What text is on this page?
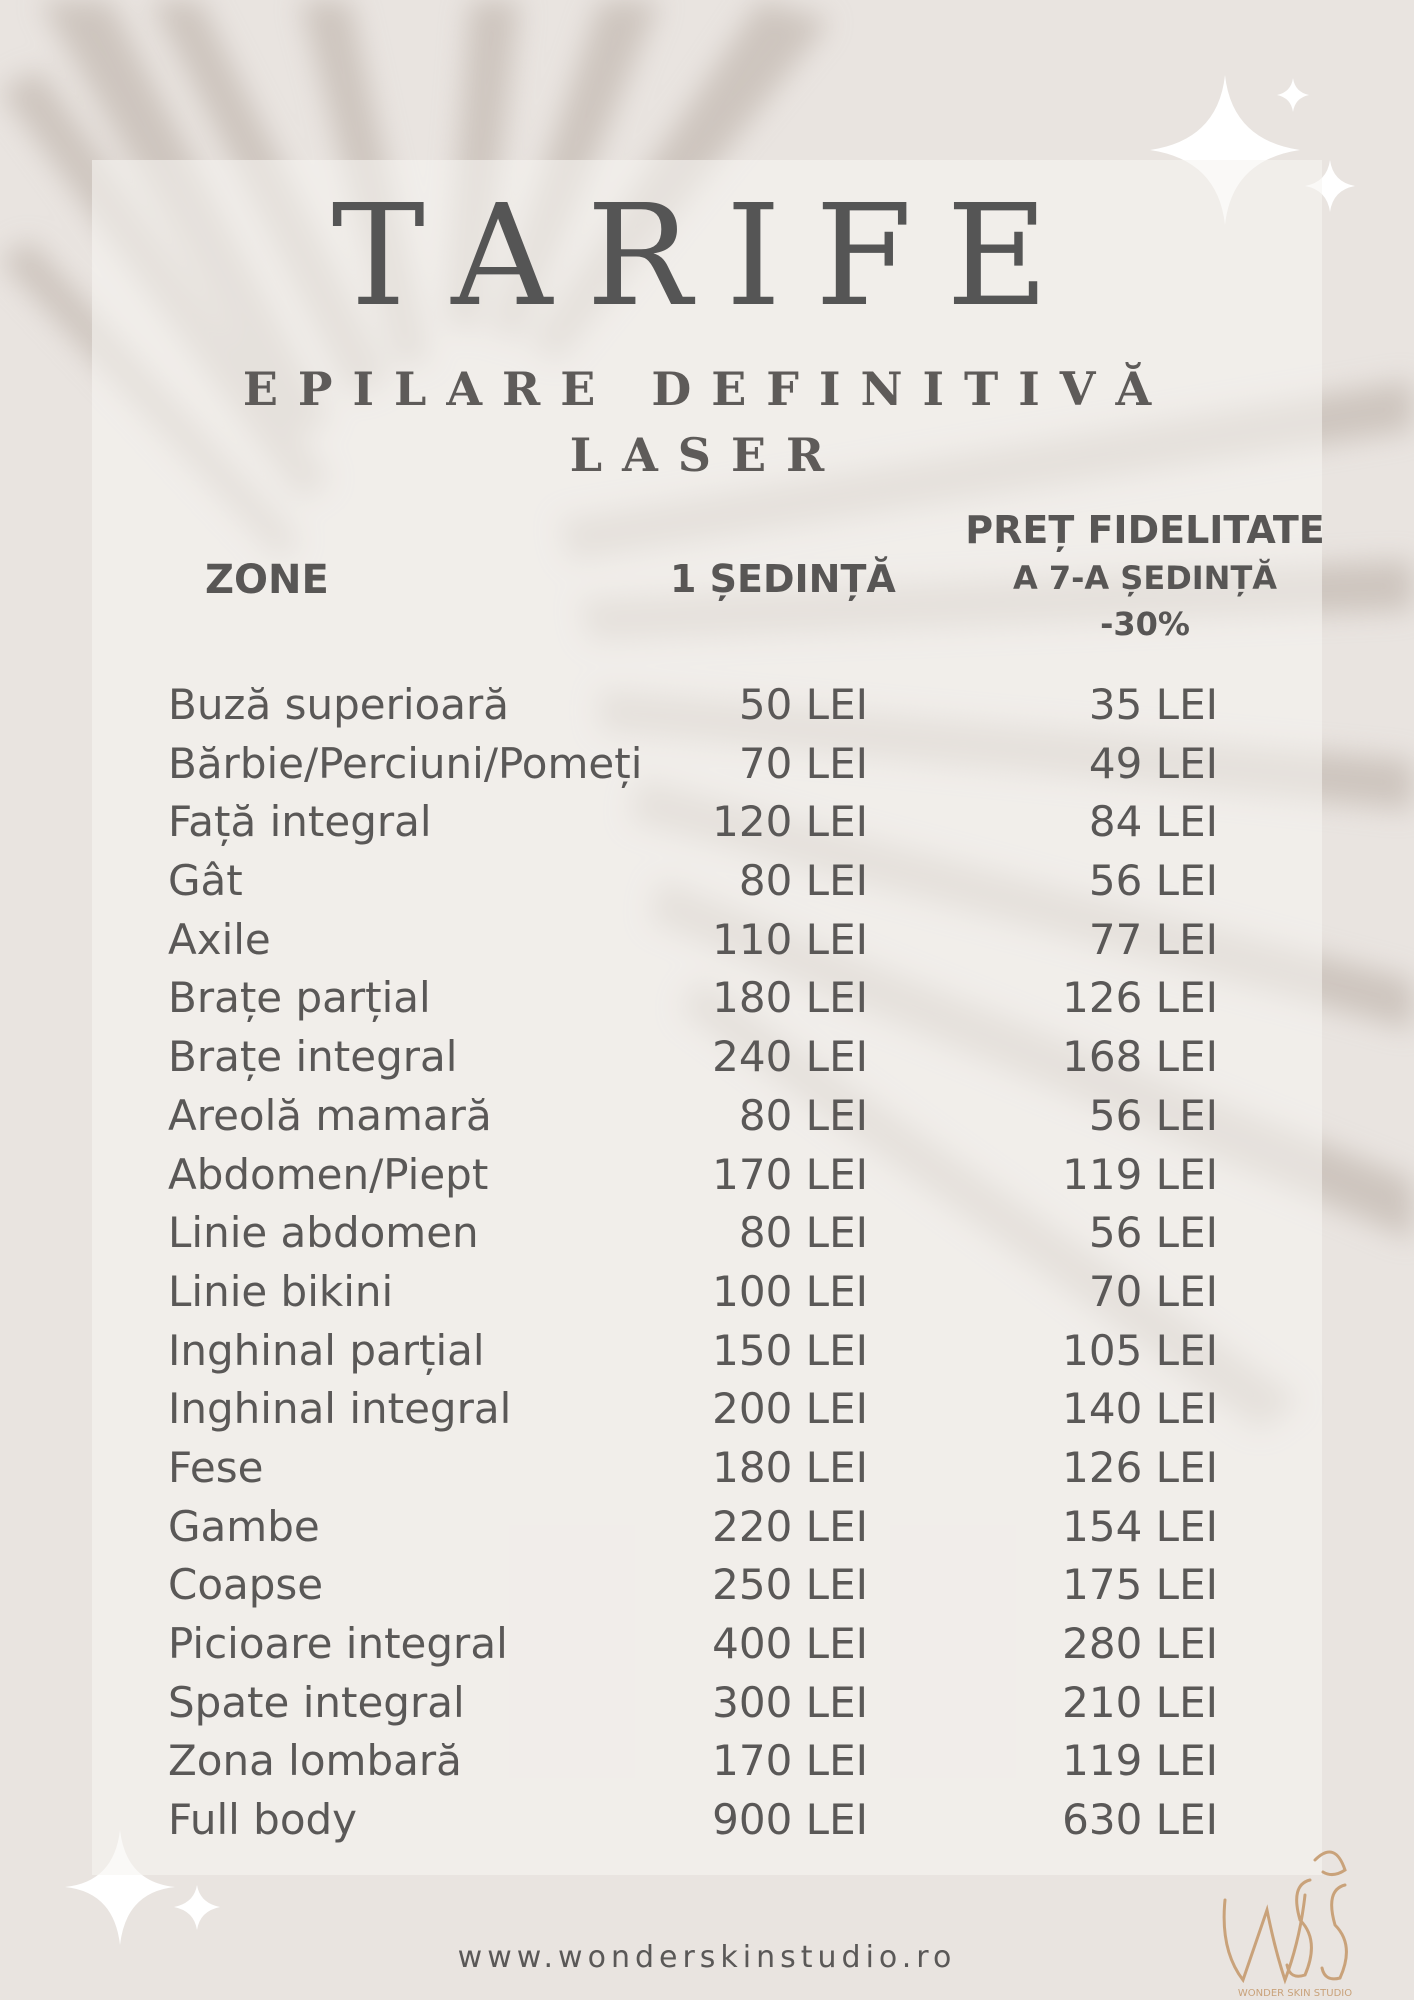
TARIFE
EPILARE DEFINITIVĂ
LASER
ZONE	1 ȘEDINȚĂ
PREȚ FIDELITATE
A 7-A ȘEDINȚĂ
-30%
Buză superioară	50 LEI	35 LEI
Bărbie/Perciuni/Pomeți 70 LEI	49 LEI
Față integral	120 LEI	84 LEI
Gât	80 LEI	56 LEI
Axile	110 LEI	77 LEI
Brațe parțial	180 LEI	126 LEI
Brațe integral	240 LEI	168 LEI
Areolă mamară	80 LEI	56 LEI
Abdomen/Piept	170 LEI	119 LEI
Linie abdomen	80 LEI	56 LEI
Linie bikini	100 LEI	70 LEI
Inghinal parțial	150 LEI	105 LEI
Inghinal integral	200 LEI	140 LEI
Fese	180 LEI	126 LEI
Gambe	220 LEI	154 LEI
Coapse	250 LEI	175 LEI
Picioare integral	400 LEI	280 LEI
Spate integral	300 LEI	210 LEI
Zona lombară	170 LEI	119 LEI
Full body	900 LEI	630 LEI
www.wonderskinstudio.ro
WONDER SKIN STUDIO
